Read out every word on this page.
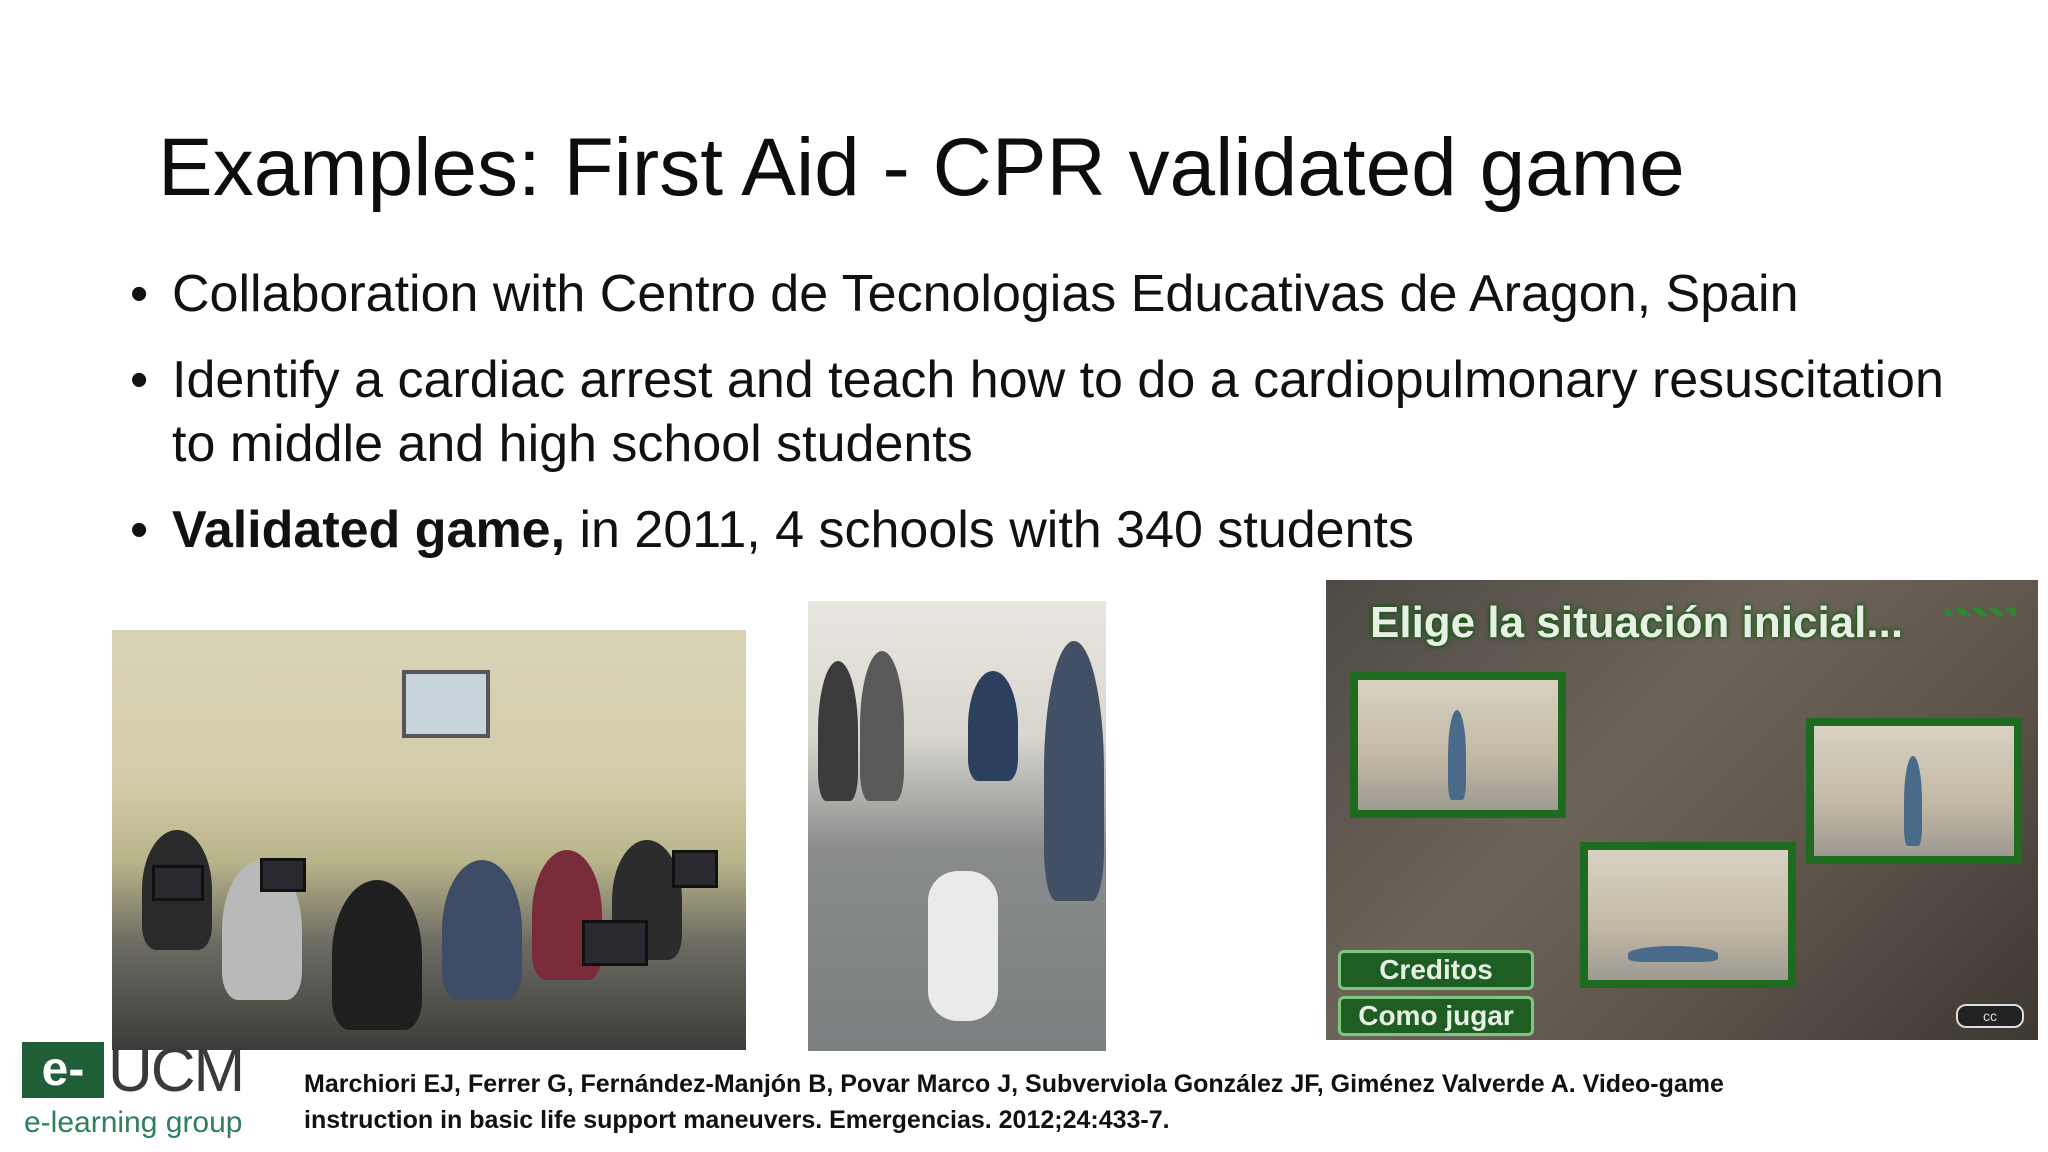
Examples: First Aid - CPR validated game
• Collaboration with Centro de Tecnologias Educativas de Aragon, Spain
• Identify a cardiac arrest and teach how to do a cardiopulmonary resuscitation to middle and high school students
• Validated game, in 2011, 4 schools with 340 students
Elige la situación inicial...
Creditos
Como jugar	cc
e- UCM
e-learning group
Marchiori EJ, Ferrer G, Fernández-Manjón B, Povar Marco J, Subverviola González JF, Giménez Valverde A. Video-game instruction in basic life support maneuvers. Emergencias. 2012;24:433-7.
